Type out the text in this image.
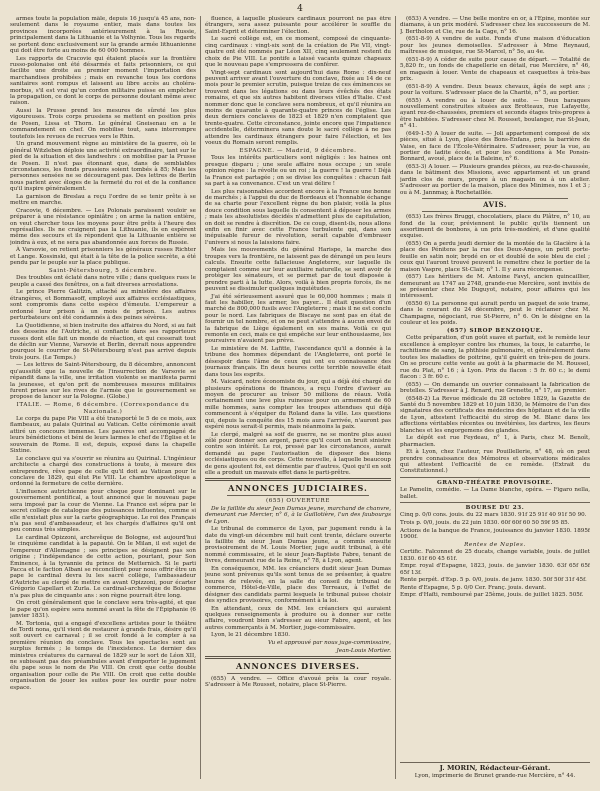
4

armes toute la population mâle, depuis 16 jusqu'à 45 ans, non-seulement dans le royaume entier, mais dans toutes les provinces incorporées antérieurement à la Russie, principalement dans la Lithuanie et la Volhynie. Tous les regards se portent donc exclusivement sur la grande armée lithuanienne qui doit être forte au moins de 60 000 hommes.

Les rapports de Cracovie qui étaient placés sur la frontière russo-polonaise ont été désarmés et faits prisonniers, ce qui facilite une droite au premier moment l'importation des marchandises prohibées ; mais en revanche tous les cordons sanitaires sont rompus et laissent au libre accès au choléra-morbus, s'il est vrai qu'un cordon militaire puisse en empêcher la propagation, ce dont le corps de personne doutant même avec raison.

Aussi la Prusse prend les mesures de sûreté les plus vigoureuses. Trois corps prussiens se mettent en position près de Posen, Lissa et Thorn. Le général Gneisenau en a le commandement en chef. On mobilise tout, sans interrompre toutefois les revues de recrues vers le Rhin.

Un grand mouvement règne au ministère de la guerre, où le général Witzleben déploie une activité extraordinaire, tant sur le pied de la situation et des landwehrs : on mobilise par la Prusse de Posen. Il n'est pas étonnant que, dans de semblables circonstances, les fonds prussiens soient tombés à 85; Mais les personnes sensées ne se découragent pas. Des lettres de Berlin nous parlent avec éloges de la fermeté du roi et de la confiance qu'il inspire généralement.

La garnison de Breslau a reçu l'ordre de se tenir prête à se mettre en marche.

Cracovie, 6 décembre. — Les Polonais paraissent vouloir se préparer à une résistance opiniâtre ; on arme la nation entière, on veut chercher tous les moyens pour être prêts à l'heure des représailles. Ils ne craignent pas la Lithuanie, ils en espèrent même des secours et ils répondent que la Lithuanie entière se joindra à eux, et ne sera pas abandonnée aux forces de Russie.

À Varsovie, on retient prisonniers les généraux russes Richter et Lange. Kossinski, qui était à la tête de la police secrète, a été pendu par le peuple sur la place publique.

Saint-Pétersbourg, 5 décembre.

Des troubles ont éclaté dans notre ville ; dans quelques rues le peuple a cassé des fenêtres, on a fait diverses arrestations.

Le prince Pierre Galitzin, attaché au ministère des affaires étrangères, et Bommasoff, employé aux affaires ecclésiastiques, sont compromis dans cette espèce d'émeute. L'empereur a ordonné leur prison à un mois de prison. Les autres perturbateurs ont été condamnés à des peines sévères.

La Quotidienne, si bien instruite des affaires du Nord, si au fait des desseins de l'Autriche, si confiante dans ses rapporteurs russes dont elle fait un monde de réaction, et qui cesserait tout de déclin sur Vienne, Varsovie et Berlin, devrait nous apprendre pourquoi le courrier de St-Pétersbourg n'est pas arrivé depuis trois jours. (Le Temps.)

— Les lettres de Saint-Pétersbourg, du 8 décembre, annoncent qu'aussitôt que la nouvelle de l'insurrection de Varsovie se répandit dans la ville, une irritation violente se manifesta parmi la jeunesse, et qu'on prit de nombreuses mesures militaires furent prises sur les rives de l'armée que le gouvernement se propose de lancer sur la Pologne. (Globe.)

ITALIE. — Rome, 6 décembre. (Correspondance du Nazionale.)

Le corps du pape Pie VIII a été transporté le 5 de ce mois, aux flambeaux, au palais Quirinal au Vatican. Cette cérémonie avait attiré un concours immense. Les pauvres ont accompagné de leurs bénédictions et béni de leurs larmes le chef de l'Église et le souverain de Rome. Il est, depuis, exposé dans la chapelle Sixtine.

Le conclave qui va s'ouvrir se réunira au Quirinal. L'ingénieur architecte a chargé des constructions à toute, à mesure des entreprendre, rêve pape de celle qu'il doit au Vatican pour le conclave de 1829, qui élut Pie VIII. Le chambre apostolique a ordonné la fermeture de cette dernière.

L'influence autrichienne pour choque pour dominant sur le gouvernement pontifical, a tout annoncé que le nouveau pape sera imposé par la cour de Vienne. La France est sépra par le secret collège de catalogue des puissances influentes, comme si elle n'existait plus sur la carte géographique. Le roi des Français n'a pas seul d'ambassadeur, et les chargés d'affaires qu'il ont peu connus très simples.

Le cardinal Opizzoni, archevêque de Bologne, est aujourd'hui le cinquième candidat à la papauté. On le Milan, il est sujet de l'empereur d'Allemagne ; ses principes se désignent pas son origine ; l'indépendance de cette action, pourtant, pour Son Éminence, à la tyrannie du prince de Metternich. Si le parti Pacca et le faction Albani se réconcilient pour nous offrir être un pape le cardinal devra lu les sacré collège, l'ambassadeur d'Autriche au clergé de mettre en avant Opizzoni, pour écarter Grégorio Capellari et Zurla. Le cardinal-archevêque de Bologne n'a pas plus de cinquante ans : son règne pourrait être long.

On croit généralement que le conclave sera très-agité, et que le pape qu'on espère sera nommé avant la fête de l'Épiphanie (6 janvier 1831).

M. Tortonia, qui a engagé d'excellens artistes pour le théâtre de Tordi nona, qu'il vient de restaurer à grands frais, désire qu'il soit ouvert ce carnaval ; il se croit fondé à le compter à sa première réunion du conclave. Tous les spectacles sont au surplus fermés ; le temps de l'inexistence. Le dernier des ministres créatures du carnaval de 1829 sur le sort de Léon XII, ne subissant pas des préambules avant d'emporter le jugement élu pape sous le nom de Pie VIII. On croit que cette double organisation pour celle de Pie VIII. On croit que cette double organisation de jouer les suites pour les ourdir pour notre espace.

fluence, à laquelle plusieurs cardinaux pourront ne pas être étrangers, sera assez puissante pour accélérer le souffle du Saint-Esprit et déterminer l'élection.

Le sacré collège est, en ce moment, composé de cinquante-cinq cardinaux : vingt-six sont de la création de Pie VII, vingt-quatre ont été nommés par Léon XII, cinq seulement restent du choix de Pie VIII. Le pontife a laissé vacants quinze chapeaux que le nouveau pape s'empressera de conférer.

Vingt-sept cardinaux sont aujourd'hui dans Rome : dix-neuf peuvent arriver avant l'ouverture du conclave, fixée au 14 de ce mois pour le premier scrutin, puisque treize de ces éminences se trouvent dans les légations ou dans leurs évêchés des états romains, et que six autres habitent diverses villes d'Italie. C'est nommer donc que le conclave sera nombreux, et qu'il réunira au moins de quarante à quarante-quatre princes de l'église. Les deux derniers conclaves de 1823 et 1829 n'en comptaient que trente-quatre. Cette circonstance, jointe encore que l'impatience accidentelle, déterminera sans doute le sacré collège à ne pas attendre les cardinaux étrangers pour faire l'élection, et les voeux du Romain seront remplis.

ESPAGNE. — Madrid, 9 décembre.

Tous les intérêts particuliers sont négligés : les haines ont presque disparu ; une seule affaire nous occupe ; un seule opinion règne : la révolte ou un roi ; la guerre ! la guerre ! Déjà la France est partagée ; on se divise les conquêtes : chacun fait sa part à sa convenance. C'est un vrai délire !

Les plus raisonnables accordent encore à la France une bonne de marchés ; à l'appui du duc de Bordeaux et l'honnable échange de sa charte pour l'excellent règne du bon plaisir, voilà la plus douce condition sous laquelle ils consentent à déposer les armes ; mais les absolutistes décidés n'admettent plus de capitulation, on doit se rendre à discrétion. De ce coup, disent-ils, nous allons enfin en finir avec cette France turbulente qui, dans son inépuisable fureur de révolution, serait capable d'embraser l'univers si nous la laissions faire.

Mais les mouvements du général Harispe, la marche des troupes vers la frontière, ne laissent pas de dérangé un peu leurs calculs. Ensuite cette fallacieuse Angleterre, sur laquelle ils comptaient comme sur leur auxiliaire naturelle, se sent avoir de protéger les sénateurs, et se permet par de tout disposée à prendre parti à la lutte. Alors, voilà à bien propris forcés, ils ne peuvent se dissimuler quelques inquiétudes.

J'ai été sérieusement assuré que le 60,000 hommes ; mais il faut les habiller, les armer, les payer... Il était question d'un marché de 800,000 fusils avec l'Angleterre ; mais il ne est conclu pour le nord. Les fabriques de Biscaye ne sont pas en état de fournir un tel nombre, et on ne peut s'attendre à aucun envoi de la fabrique de Liège également en ses mains. Voilà ce qui remonte en ceci, mais ce qui empêche sur leur enthousiasme, les poursuivre n'avaient pas prévu.

Le ministère de M. Lafitte, l'ascendance qu'il a donnée à la tribune des hommes dépendant de l'Angleterre, ont porté le désespoir dans l'âme de ceux qui ont eu connaissance des journaux français. En deux heures cette terrible nouvelle était dans tous les esprits.

M. Vaicard, notre économiste du jour, qui a déjà été chargé de plusieurs opérations de finances, a reçu l'ordre d'aviser au moyen de procurer au trésor 50 millions de réaux. Voilà certainement une leve plus ruineuse pour un armement de 60 mille hommes, sans compter les troupes attendues qui déjà commencent à s'équiper du Roland dans la ville. Les questions qui, depuis la conquête des 15 mois aura l'arrivée, n'auront pas espéré nous serait-il permis, mais néanmoins la paix.

Le clergé, malgré sa soif de guerre, ne se montre plus aussi zélé pour donner son argent, parce qu'il court un bruit sinistre contre son intérêt. Le roi, pressé par les circonstances, aurait demandé au pape l'autorisation de disposer des biens ecclésiastiques ou de corps. Cette nouvelle, à laquelle beaucoup de gens ajoutent foi, est démentie par d'autres. Quoi qu'il en soit elle a produit un mauvais effet dans le parti-prêtre.

ANNONCES JUDICIAIRES.

(655) OUVERTURE

De la faillite du sieur Jean Dumas jeune, marchand de chanvre, demeurant rue Mercier, n° 6, à la Guillotière, l'un des faubourgs de Lyon.

Le tribunal de commerce de Lyon, par jugement rendu à la date du vingt-un décembre mil huit cent trente, déclare ouverte la faillite du sieur Jean Dumas jeune, a commis ensuite provisoirement de M. Louis Mortier, juge audit tribunal, à été nommé commissaire, et le sieur Jean-Baptiste Fabre, tenant de livres, demeurant rue de la Reine, n° 78, à Lyon, agent.

En conséquence, MM. les créanciers dudit sieur Jean Dumas jeune sont prévenus qu'ils sont tenus de se présenter, à quatre heures de relevée, en la salle du conseil du tribunal de commerce, Hôtel-de-Ville, place des Terreaux, à l'effet de désigner des candidats parmi lesquels le tribunal puisse choisir des syndics provisoires, conformément à la loi.

En attendant, ceux de MM. les créanciers qui auraient quelques renseignements à produire ou à donner sur cette affaire, voudront bien s'adresser au sieur Fabre, agent, et les autres commerçants à M. Mortier, juge-commissaire.

Lyon, le 21 décembre 1830.

Vu et approuvé par nous juge-commissaire,

Jean-Louis Mortier.

ANNONCES DIVERSES.

(655) A vendre. — Office d'avoué près la cour royale. S'adresser à Me Rousset, notaire, place St-Pierre.

(653) A vendre. — Une belle montre en or, à l'Épine, montée sur diamans, à un prix modéré. S'adresser chez les successeurs de M. J. Bertholon et Cie, rue de la Cage, n° 16.

(651-8-9) A vendre de suite. Fonds d'une maison d'éducation pour les jeunes demoiselles. S'adresser à Mme Reynaud, maîtresse de musique, rue St-Marcel, n° 5o, au 4e.

(651-8-9) A céder de suite pour cause de départ. — Totalité de 5,820 fr., un fonds de chapellerie en détail, rue Mercière, n° 46, en magasin à louer. Vente de chapeaux et casquettes à très-bas prix.

(651-8-9) A vendre. Deux beaux chevaux, âgés de sept ans ; pour la voiture. S'adresser place de la Charité, n° 5, au portier.

(655) A vendre ou à louer de suite. — Deux baraques nouvellement construites situées aux Brotteaux, rue Lafayette, ayant rez-de-chaussées, premiers et seconds étages très-propres à être habitées. S'adresser chez M. Rousset, boulanger, rue St-Jean, n° 41.

(649-1-5) A louer de suite. — Joli appartement composé de six pièces, situé à Lyon, place des Bons-Enfans, près la barrière de Vaise, en face de l'École-Vétérinaire. S'adresser, pour la vue, au portier de ladite école, et pour les conditions à Me Ponsin-Bonnard, avoué, place de la Baleine, n° 6.

(653-3) A louer. — Plusieurs grandes pièces, au rez-de-chaussée, dans le bâtiment des Missions, avec appartement et un grand jardin clos de murs, propre à un magasin ou à un atelier. S'adresser au portier de la maison, place des Minimes, nos 1 et 3 ; ou à M. Jannmay, à Rochetaillée.

AVIS.

(653) Les frères Bruggi, chocolatiers, place du Plâtre, n° 10, au fond de la cour, préviennent le public qu'ils tiennent un assortiment de bonbons, à un prix très-modéré, et d'une qualité exquise.

(655) On a perdu jeudi dernier de la montée de la Glacière à la place des Pénitens par la rue des Deux-Anges, un petit porte-feuille en satin noir, brodé en or et doublé de soie bleu de ciel ; ceux qui l'auront trouvé peuvent le remettre chez le portier de la maison Vaspre, place St-Clair, n° 1. Il y aura récompense.

(657) Les héritiers de M. Antoine Favyl, ancien quincaillier, demeurant au 1747 au 2748, grande-rue Mercière, sont invités de se présenter chez Me Duguyot, notaire, pour affaires qui les intéressent.

(6550 6) La personne qui aurait perdu un paquet de soie trame, dans le courant du 24 décembre, peut le réclamer chez M. Champagne, négociant, rue St-Pierre, n° 6. On le désigne en la couleur et les poids.

(657) SIROP BENZOIQUE.

Cette préparation, d'un goût suave et parfait, est le remède leur excellence à employer contre les rhumes, la toux, le catarrhe, le rachitisme de sang, la phthisie pulmonaire, et généralement dans toutes les maladies de poitrine, qu'il guérit en très-peu de jours. On se procure cette vente au goût à la pharmacie de M. Roussel, rue du Plat, n° 16 ; à Lyon. Prix du flacon : 5 fr. 60 c.; le demi flacon : 3 fr. 60 c.

(655) — On demande un ouvrier connaissant la fabrication de bretelles. S'adresser à J. Renard, rue Grenette, n° 17, au premier.

(6548-2) La Revue médicale du 28 octobre 1829, la Gazette de Santé du 5 novembre 1829 et 10 juin 1830, le Mémoire de l'un des signataires des certificats des médecins des hôpitaux et de la ville de Lyon, attestent l'efficacité du sirop de M. Blanc dans les affections véritables récentes ou invétérées, les dartres, les fleurs blanches et les engorgemens des glandes.

Le dépôt est rue Feydeau, n° 1, à Paris, chez M. Benoît, pharmacien.

Et à Lyon, chez l'auteur, rue Pouillellerie, n° 48, où on peut prendre connaissance des Mémoires et observations médicales qui attestent l'efficacité de ce remède. (Extrait du Constitutionnel.)

GRAND-THÉATRE PROVISOIRE.

Le Pamelin, comédie. — La Dame blanche, opéra. — Figaro nella, ballet.

BOURSE DU 23.

Cinq p. 0/0 cons. jouis. du 22 mars 1830. 91f 25 91f 40 91f 50 90.

Trois p. 0/0, jouis. du 22 juin 1830. 60f 60f 60 50 59f 95 85.

Actions de la banque de France, jouissance du janvier 1830. 1895f 1900f.

Rentes de Naples.

Certific. Falconnet de 25 ducats, change variable, jouis. de juillet 1830. 61f 60 45 61f.

Empr. royal d'Espagne, 1823, jouis. de janvier 1830. 63f 65f 65f 65f 13f.

Rente perpét. d'Esp. 5 p. 0/0, jouis. de janv. 1830. 50f 50f 31f 45f.

Rente d'Espagne, 5 p. 0/0 Cer. Franç. jouis. devant.

Empr. d'Haïti, remboursé par 25ème, jouis. de juillet 1825. 505f.

J. MORIN, Rédacteur-Gérant.

Lyon, imprimerie de Brunet grande-rue Mercière, n° 44.
